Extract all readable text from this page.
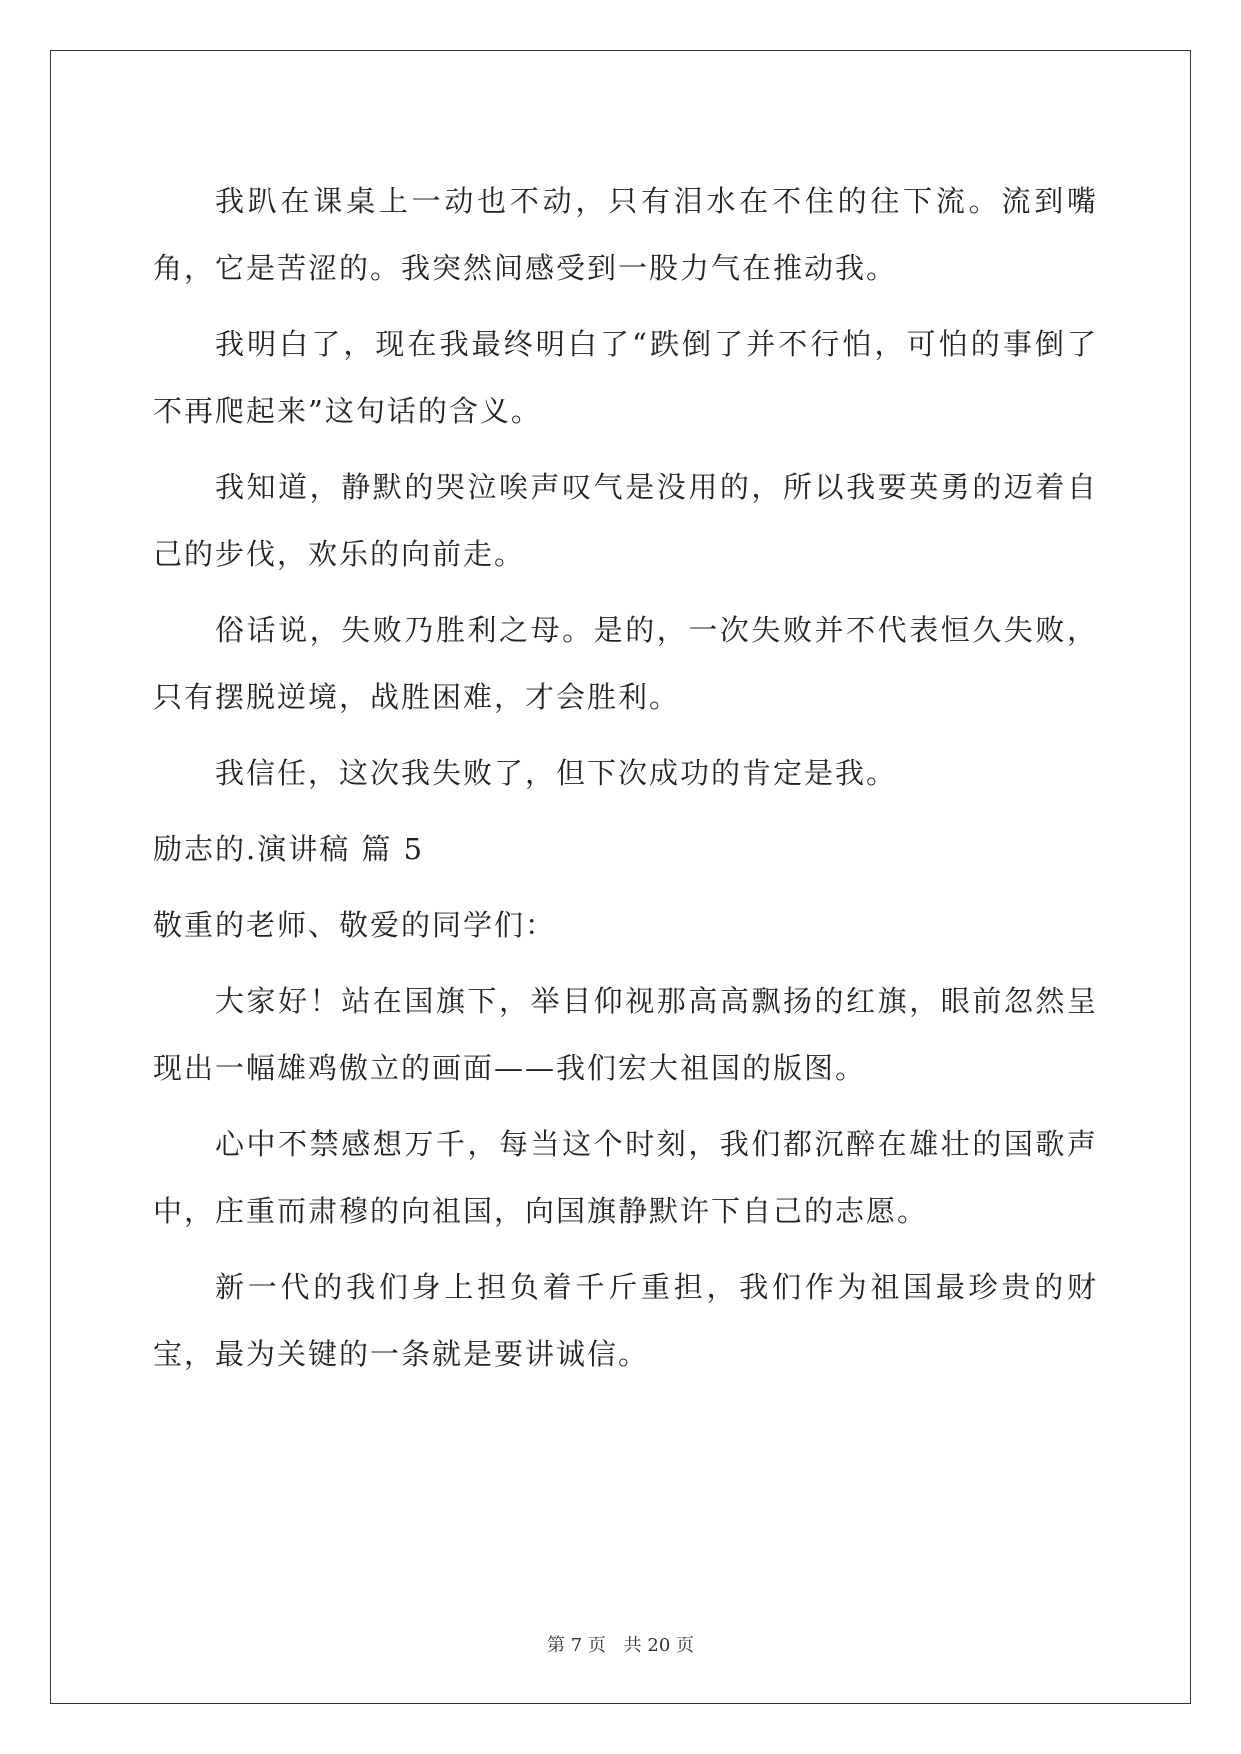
我趴在课桌上一动也不动，只有泪水在不住的往下流。流到嘴角，它是苦涩的。我突然间感受到一股力气在推动我。

我明白了，现在我最终明白了“跌倒了并不行怕，可怕的事倒了不再爬起来”这句话的含义。

我知道，静默的哭泣唉声叹气是没用的，所以我要英勇的迈着自己的步伐，欢乐的向前走。

俗话说，失败乃胜利之母。是的，一次失败并不代表恒久失败，只有摆脱逆境，战胜困难，才会胜利。

我信任，这次我失败了，但下次成功的肯定是我。

励志的.演讲稿 篇 5

敬重的老师、敬爱的同学们：

大家好！站在国旗下，举目仰视那高高飘扬的红旗，眼前忽然呈现出一幅雄鸡傲立的画面——我们宏大祖国的版图。

心中不禁感想万千，每当这个时刻，我们都沉醉在雄壮的国歌声中，庄重而肃穆的向祖国，向国旗静默许下自己的志愿。

新一代的我们身上担负着千斤重担，我们作为祖国最珍贵的财宝，最为关键的一条就是要讲诚信。

第 7 页 共 20 页
